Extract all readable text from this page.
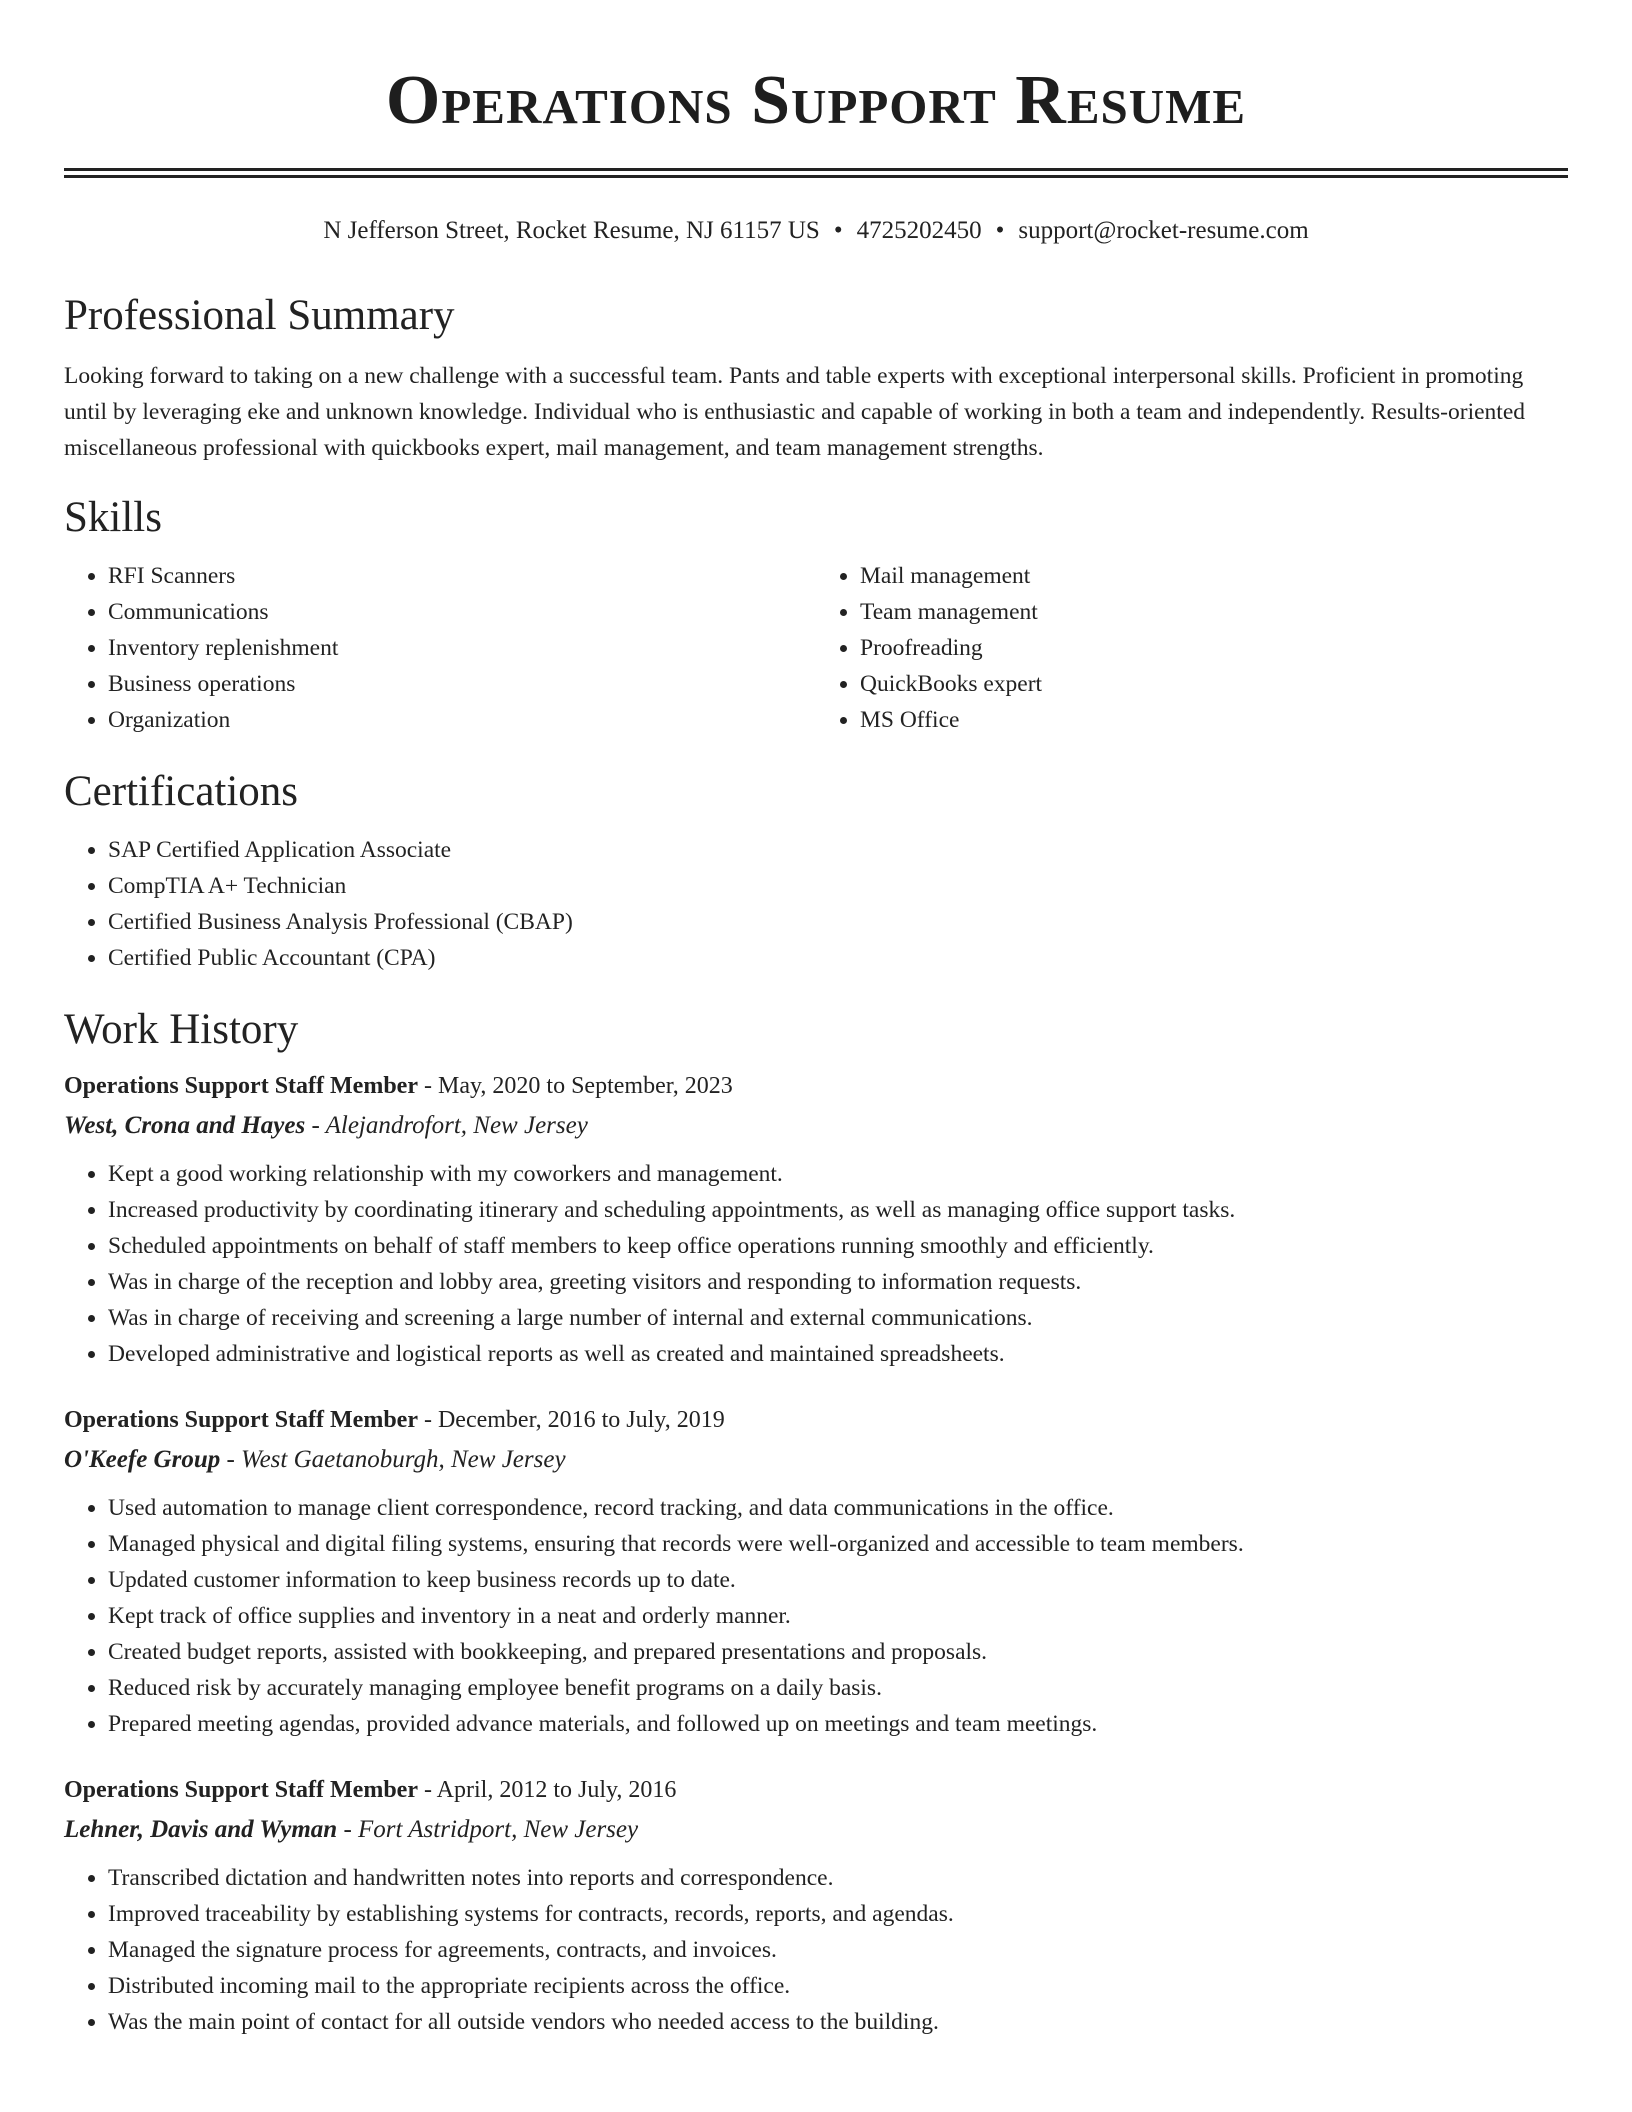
Operations Support Resume
N Jefferson Street, Rocket Resume, NJ 61157 US • 4725202450 • support@rocket-resume.com
Professional Summary

Looking forward to taking on a new challenge with a successful team. Pants and table experts with exceptional interpersonal skills. Proficient in promoting until by leveraging eke and unknown knowledge. Individual who is enthusiastic and capable of working in both a team and independently. Results-oriented miscellaneous professional with quickbooks expert, mail management, and team management strengths.

Skills
• RFI Scanners
• Communications
• Inventory replenishment
• Business operations
• Organization
• Mail management
• Team management
• Proofreading
• QuickBooks expert
• MS Office
Certifications
• SAP Certified Application Associate
• CompTIA A+ Technician
• Certified Business Analysis Professional (CBAP)
• Certified Public Accountant (CPA)
Work History

Operations Support Staff Member - May, 2020 to September, 2023

West, Crona and Hayes - Alejandrofort, New Jersey

• Kept a good working relationship with my coworkers and management.
• Increased productivity by coordinating itinerary and scheduling appointments, as well as managing office support tasks.
• Scheduled appointments on behalf of staff members to keep office operations running smoothly and efficiently.
• Was in charge of the reception and lobby area, greeting visitors and responding to information requests.
• Was in charge of receiving and screening a large number of internal and external communications.
• Developed administrative and logistical reports as well as created and maintained spreadsheets.

Operations Support Staff Member - December, 2016 to July, 2019

O'Keefe Group - West Gaetanoburgh, New Jersey

• Used automation to manage client correspondence, record tracking, and data communications in the office.
• Managed physical and digital filing systems, ensuring that records were well-organized and accessible to team members.
• Updated customer information to keep business records up to date.
• Kept track of office supplies and inventory in a neat and orderly manner.
• Created budget reports, assisted with bookkeeping, and prepared presentations and proposals.
• Reduced risk by accurately managing employee benefit programs on a daily basis.
• Prepared meeting agendas, provided advance materials, and followed up on meetings and team meetings.

Operations Support Staff Member - April, 2012 to July, 2016

Lehner, Davis and Wyman - Fort Astridport, New Jersey

• Transcribed dictation and handwritten notes into reports and correspondence.
• Improved traceability by establishing systems for contracts, records, reports, and agendas.
• Managed the signature process for agreements, contracts, and invoices.
• Distributed incoming mail to the appropriate recipients across the office.
• Was the main point of contact for all outside vendors who needed access to the building.
